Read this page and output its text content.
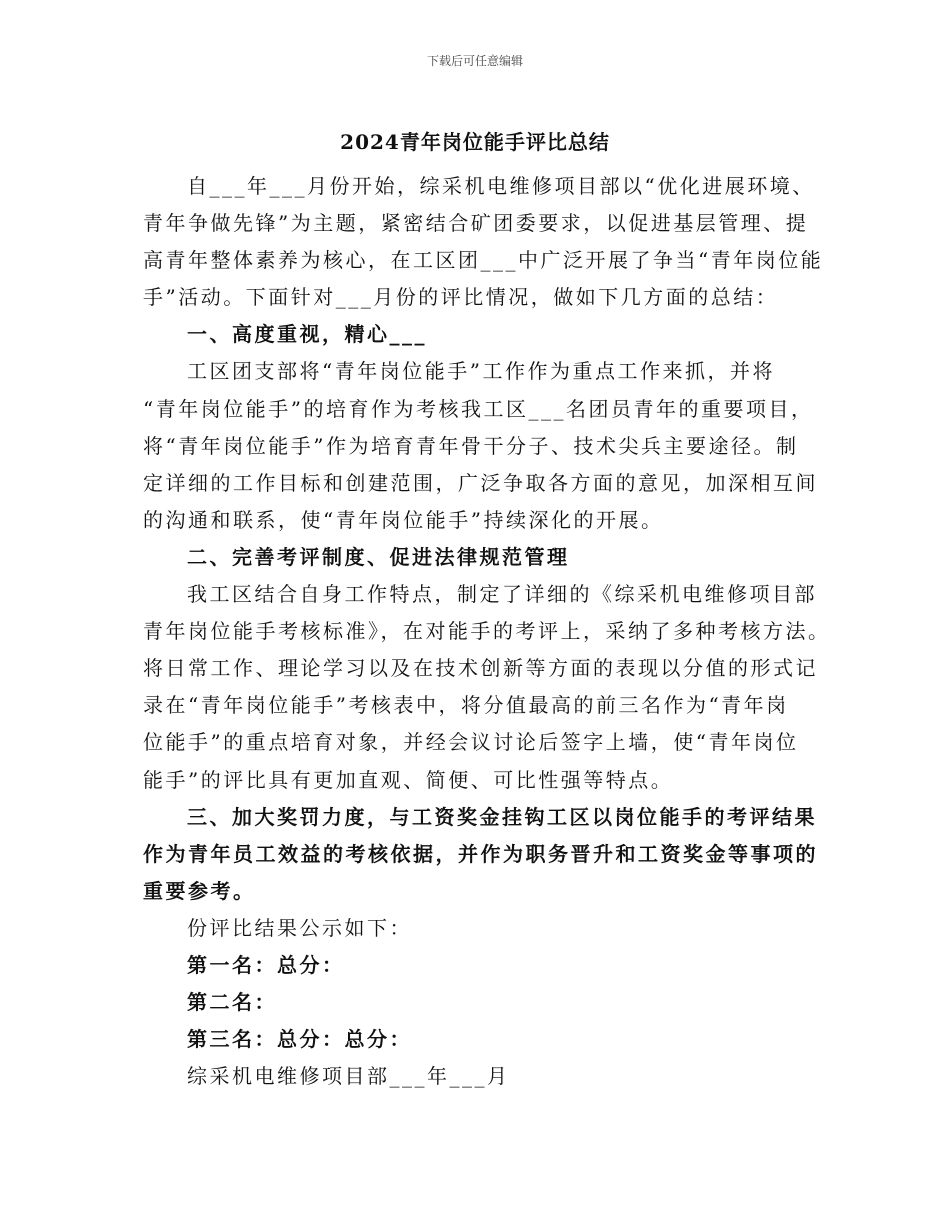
下载后可任意编辑
2024青年岗位能手评比总结
自___年___月份开始，综采机电维修项目部以“优化进展环境、
青年争做先锋”为主题，紧密结合矿团委要求，以促进基层管理、提
高青年整体素养为核心，在工区团___中广泛开展了争当“青年岗位能
手”活动。下面针对___月份的评比情况，做如下几方面的总结：
一、高度重视，精心___
工区团支部将“青年岗位能手”工作作为重点工作来抓，并将
“青年岗位能手”的培育作为考核我工区___名团员青年的重要项目，
将“青年岗位能手”作为培育青年骨干分子、技术尖兵主要途径。制
定详细的工作目标和创建范围，广泛争取各方面的意见，加深相互间
的沟通和联系，使“青年岗位能手”持续深化的开展。
二、完善考评制度、促进法律规范管理
我工区结合自身工作特点，制定了详细的《综采机电维修项目部
青年岗位能手考核标准》，在对能手的考评上，采纳了多种考核方法。
将日常工作、理论学习以及在技术创新等方面的表现以分值的形式记
录在“青年岗位能手”考核表中，将分值最高的前三名作为“青年岗
位能手”的重点培育对象，并经会议讨论后签字上墙，使“青年岗位
能手”的评比具有更加直观、简便、可比性强等特点。
三、加大奖罚力度，与工资奖金挂钩工区以岗位能手的考评结果
作为青年员工效益的考核依据，并作为职务晋升和工资奖金等事项的
重要参考。
份评比结果公示如下：
第一名：总分：
第二名：
第三名：总分：总分：
综采机电维修项目部___年___月
